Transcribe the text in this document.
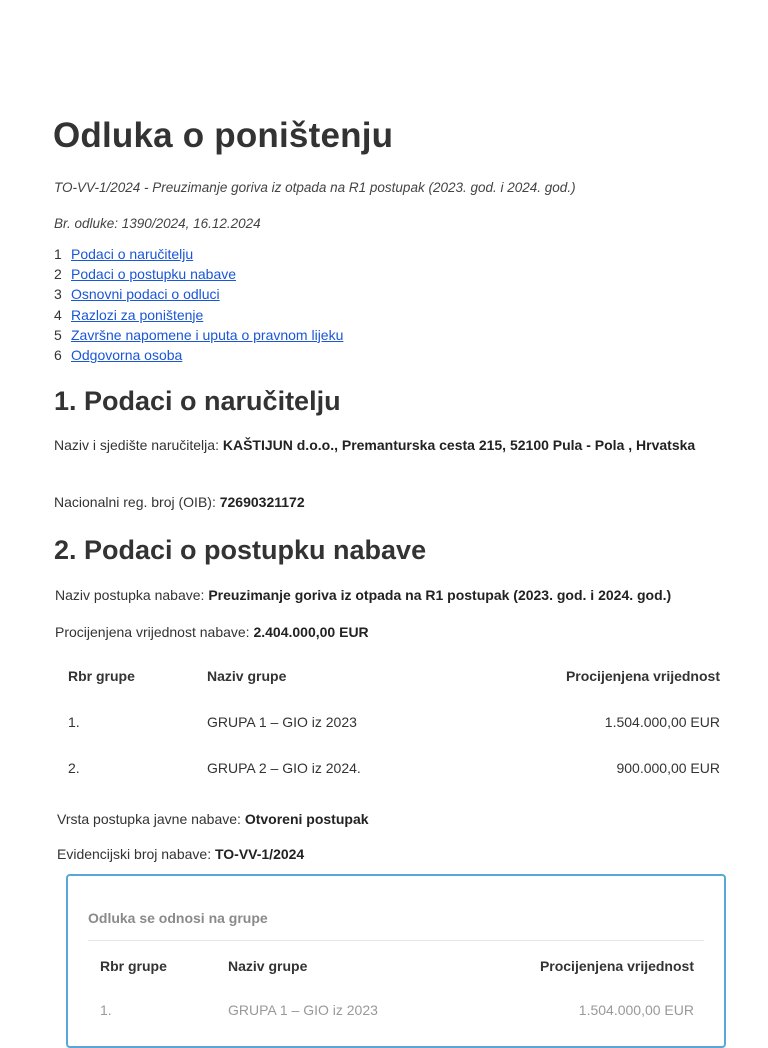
Odluka o poništenju
TO-VV-1/2024 - Preuzimanje goriva iz otpada na R1 postupak (2023. god. i 2024. god.)
Br. odluke: 1390/2024, 16.12.2024
1 Podaci o naručitelju
2 Podaci o postupku nabave
3 Osnovni podaci o odluci
4 Razlozi za poništenje
5 Završne napomene i uputa o pravnom lijeku
6 Odgovorna osoba
1. Podaci o naručitelju
Naziv i sjedište naručitelja: KAŠTIJUN d.o.o., Premanturska cesta 215, 52100 Pula - Pola , Hrvatska
Nacionalni reg. broj (OIB): 72690321172
2. Podaci o postupku nabave
Naziv postupka nabave: Preuzimanje goriva iz otpada na R1 postupak (2023. god. i 2024. god.)
Procijenjena vrijednost nabave: 2.404.000,00 EUR
Rbr grupe	Naziv grupe	Procijenjena vrijednost
1.	GRUPA 1 – GIO iz 2023	1.504.000,00 EUR
2.	GRUPA 2 – GIO iz 2024.	900.000,00 EUR
Vrsta postupka javne nabave: Otvoreni postupak
Evidencijski broj nabave: TO-VV-1/2024
Odluka se odnosi na grupe
Rbr grupe	Naziv grupe	Procijenjena vrijednost
1.	GRUPA 1 – GIO iz 2023	1.504.000,00 EUR
